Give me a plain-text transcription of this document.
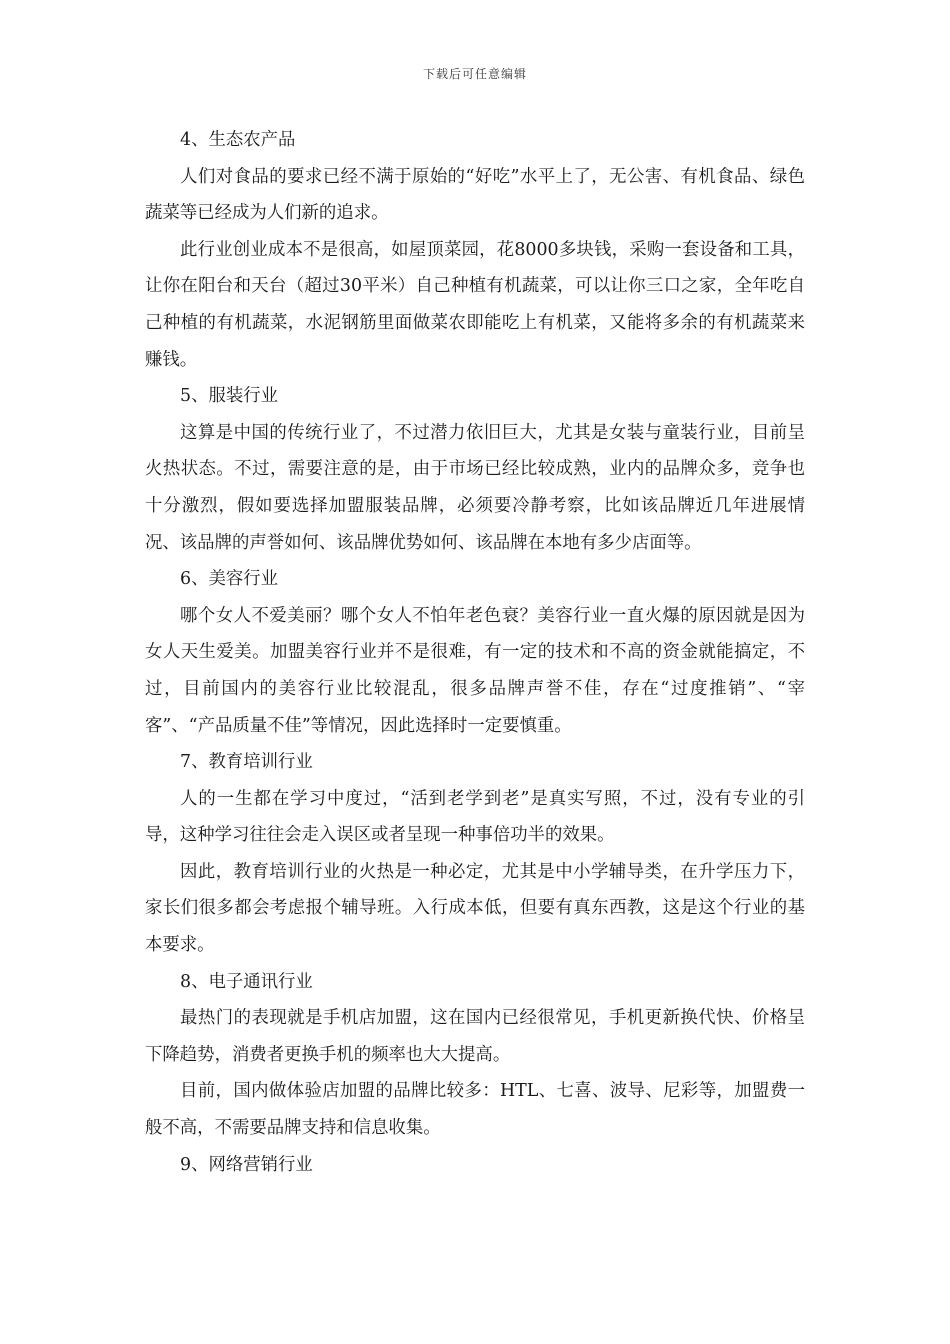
下载后可任意编辑

4、生态农产品

人们对食品的要求已经不满于原始的“好吃”水平上了，无公害、有机食品、绿色蔬菜等已经成为人们新的追求。

此行业创业成本不是很高，如屋顶菜园，花8000多块钱，采购一套设备和工具，让你在阳台和天台（超过30平米）自己种植有机蔬菜，可以让你三口之家，全年吃自己种植的有机蔬菜，水泥钢筋里面做菜农即能吃上有机菜，又能将多余的有机蔬菜来赚钱。

5、服装行业

这算是中国的传统行业了，不过潜力依旧巨大，尤其是女装与童装行业，目前呈火热状态。不过，需要注意的是，由于市场已经比较成熟，业内的品牌众多，竞争也十分激烈，假如要选择加盟服装品牌，必须要冷静考察，比如该品牌近几年进展情况、该品牌的声誉如何、该品牌优势如何、该品牌在本地有多少店面等。

6、美容行业

哪个女人不爱美丽？哪个女人不怕年老色衰？美容行业一直火爆的原因就是因为女人天生爱美。加盟美容行业并不是很难，有一定的技术和不高的资金就能搞定，不过，目前国内的美容行业比较混乱，很多品牌声誉不佳，存在“过度推销”、“宰客”、“产品质量不佳”等情况，因此选择时一定要慎重。

7、教育培训行业

人的一生都在学习中度过，“活到老学到老”是真实写照，不过，没有专业的引导，这种学习往往会走入误区或者呈现一种事倍功半的效果。

因此，教育培训行业的火热是一种必定，尤其是中小学辅导类，在升学压力下，家长们很多都会考虑报个辅导班。入行成本低，但要有真东西教，这是这个行业的基本要求。

8、电子通讯行业

最热门的表现就是手机店加盟，这在国内已经很常见，手机更新换代快、价格呈下降趋势，消费者更换手机的频率也大大提高。

目前，国内做体验店加盟的品牌比较多：HTL、七喜、波导、尼彩等，加盟费一般不高，不需要品牌支持和信息收集。

9、网络营销行业
